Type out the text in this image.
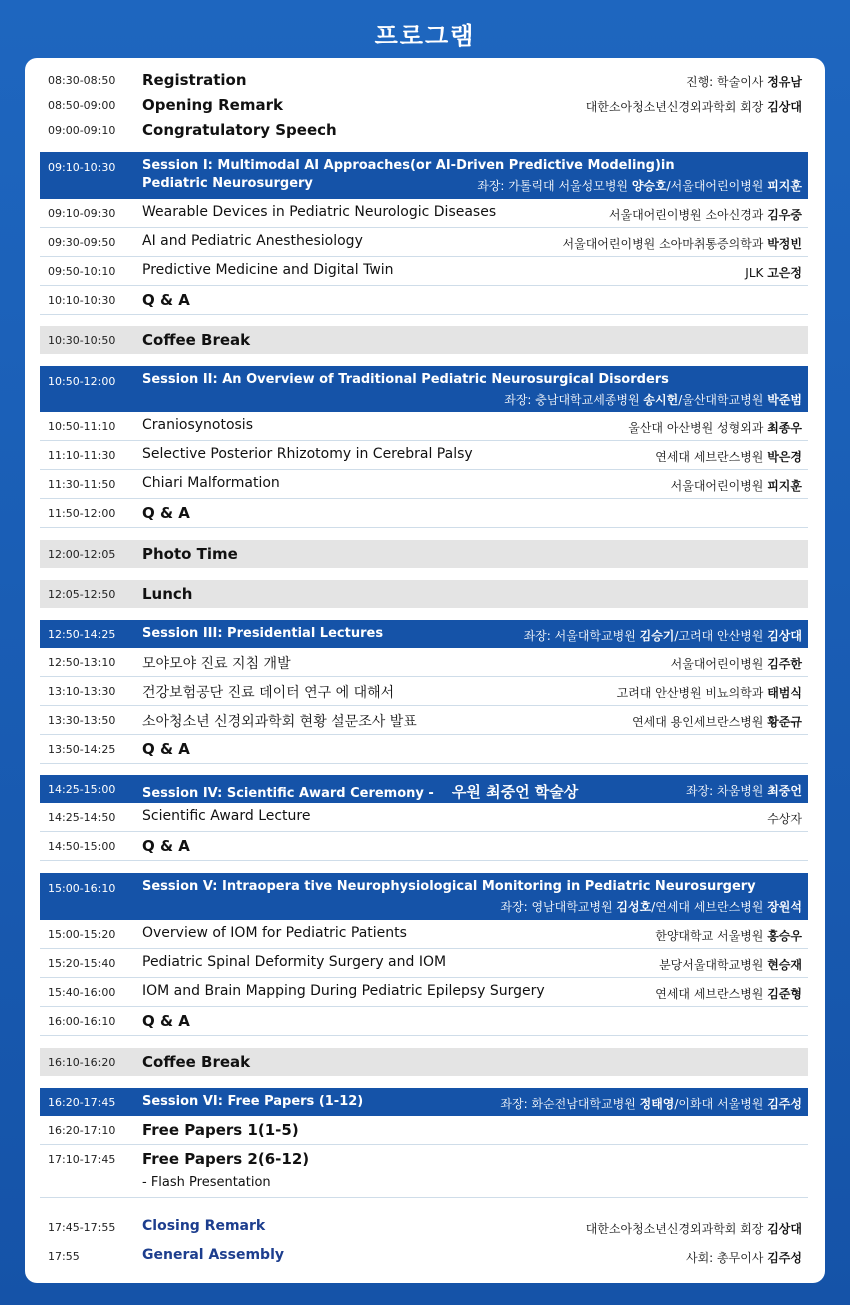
프로그램
08:30-08:50 Registration	진행: 학술이사 정유남
08:50-09:00 Opening Remark	대한소아청소년신경외과학회 회장 김상대
09:00-09:10 Congratulatory Speech
09:10-10:30 Session I: Multimodal AI Approaches(or AI-Driven Predictive Modeling)in
Pediatric Neurosurgery	좌장: 가톨릭대 서울성모병원 양승호/서울대어린이병원 피지훈
09:10-09:30 Wearable Devices in Pediatric Neurologic Diseases	서울대어린이병원 소아신경과 김우중
09:30-09:50 AI and Pediatric Anesthesiology	서울대어린이병원 소아마취통증의학과 박정빈
09:50-10:10 Predictive Medicine and Digital Twin	JLK 고은정
10:10-10:30 Q & A
10:30-10:50 Coffee Break
10:50-12:00 Session II: An Overview of Traditional Pediatric Neurosurgical Disorders
좌장: 충남대학교세종병원 송시헌/울산대학교병원 박준범
10:50-11:10 Craniosynotosis	울산대 아산병원 성형외과 최종우
11:10-11:30 Selective Posterior Rhizotomy in Cerebral Palsy	연세대 세브란스병원 박은경
11:30-11:50 Chiari Malformation	서울대어린이병원 피지훈
11:50-12:00 Q & A
12:00-12:05 Photo Time
12:05-12:50 Lunch
12:50-14:25 Session III: Presidential Lectures	좌장: 서울대학교병원 김승기/고려대 안산병원 김상대
12:50-13:10 모야모야 진료 지침 개발	서울대어린이병원 김주한
13:10-13:30 건강보험공단 진료 데이터 연구 에 대해서	고려대 안산병원 비뇨의학과 태범식
13:30-13:50 소아청소년 신경외과학회 현황 설문조사 발표	연세대 용인세브란스병원 황준규
13:50-14:25 Q & A
14:25-15:00 Session IV: Scientific Award Ceremony - 우원 최중언 학술상	좌장: 차움병원 최중언
14:25-14:50 Scientific Award Lecture	수상자
14:50-15:00 Q & A
15:00-16:10 Session V: Intraopera tive Neurophysiological Monitoring in Pediatric Neurosurgery
좌장: 영남대학교병원 김성호/연세대 세브란스병원 장원석
15:00-15:20 Overview of IOM for Pediatric Patients	한양대학교 서울병원 홍승우
15:20-15:40 Pediatric Spinal Deformity Surgery and IOM	분당서울대학교병원 현승재
15:40-16:00 IOM and Brain Mapping During Pediatric Epilepsy Surgery	연세대 세브란스병원 김준형
16:00-16:10 Q & A
16:10-16:20 Coffee Break
16:20-17:45 Session VI: Free Papers (1-12)	좌장: 화순전남대학교병원 정태영/이화대 서울병원 김주성
16:20-17:10 Free Papers 1(1-5)
17:10-17:45 Free Papers 2(6-12)
- Flash Presentation
17:45-17:55 Closing Remark	대한소아청소년신경외과학회 회장 김상대
17:55	General Assembly	사회: 총무이사 김주성
